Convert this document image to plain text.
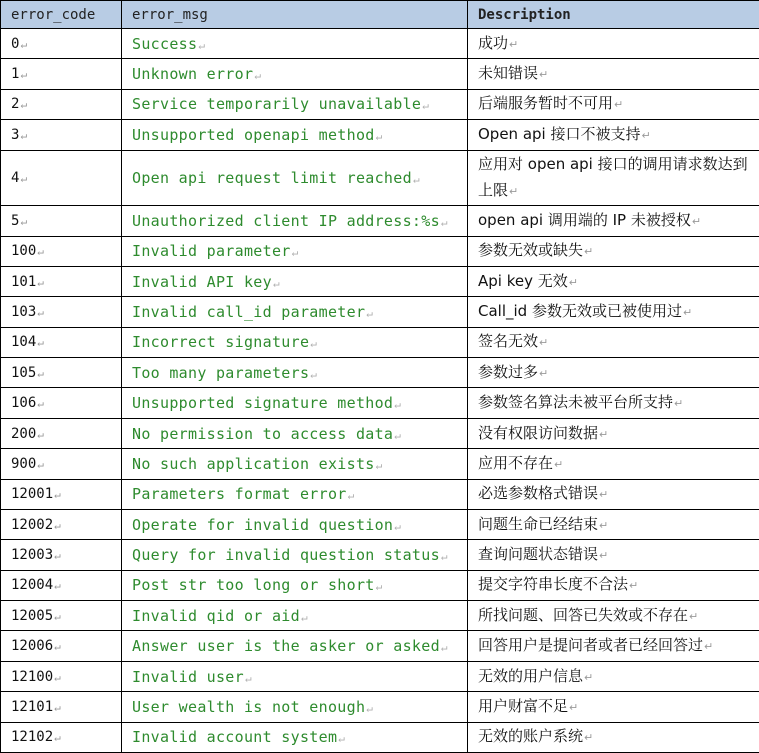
error_code	error_msg	Description
0↵	Success↵	成功↵
1↵	Unknown error↵	未知错误↵
2↵	Service temporarily unavailable↵	后端服务暂时不可用↵
3↵	Unsupported openapi method↵	Open api 接口不被支持↵
4↵	Open api request limit reached↵	应用对 open api 接口的调用请求数达到上限↵
5↵	Unauthorized client IP address:%s↵	open api 调用端的 IP 未被授权↵
100↵	Invalid parameter↵	参数无效或缺失↵
101↵	Invalid API key↵	Api key 无效↵
103↵	Invalid call_id parameter↵	Call_id 参数无效或已被使用过↵
104↵	Incorrect signature↵	签名无效↵
105↵	Too many parameters↵	参数过多↵
106↵	Unsupported signature method↵	参数签名算法未被平台所支持↵
200↵	No permission to access data↵	没有权限访问数据↵
900↵	No such application exists↵	应用不存在↵
12001↵	Parameters format error↵	必选参数格式错误↵
12002↵	Operate for invalid question↵	问题生命已经结束↵
12003↵	Query for invalid question status↵	查询问题状态错误↵
12004↵	Post str too long or short↵	提交字符串长度不合法↵
12005↵	Invalid qid or aid↵	所找问题、回答已失效或不存在↵
12006↵	Answer user is the asker or asked↵	回答用户是提问者或者已经回答过↵
12100↵	Invalid user↵	无效的用户信息↵
12101↵	User wealth is not enough↵	用户财富不足↵
12102↵	Invalid account system↵	无效的账户系统↵
